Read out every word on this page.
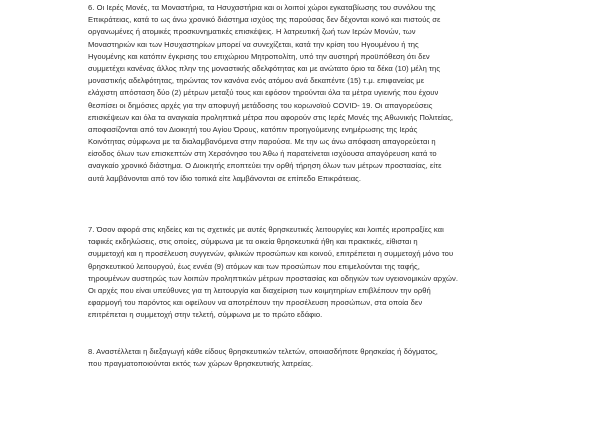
6. Οι Ιερές Μονές, τα Μοναστήρια, τα Ησυχαστήρια και οι λοιποί χώροι εγκαταβίωσης του συνόλου της
Επικράτειας, κατά το ως άνω χρονικό διάστημα ισχύος της παρούσας δεν δέχονται κοινό και πιστούς σε
οργανωμένες ή ατομικές προσκυνηματικές επισκέψεις. Η λατρευτική ζωή των Ιερών Μονών, των
Μοναστηριών και των Ησυχαστηρίων μπορεί να συνεχίζεται, κατά την κρίση του Ηγουμένου ή της
Ηγουμένης και κατόπιν έγκρισης του επιχώριου Μητροπολίτη, υπό την αυστηρή προϋπόθεση ότι δεν
συμμετέχει κανένας άλλος πλην της μοναστικής αδελφότητας και με ανώτατο όριο τα δέκα (10) μέλη της
μοναστικής αδελφότητας, τηρώντας τον κανόνα ενός ατόμου ανά δεκαπέντε (15) τ.μ. επιφανείας με
ελάχιστη απόσταση δύο (2) μέτρων μεταξύ τους και εφόσον τηρούνται όλα τα μέτρα υγιεινής που έχουν
θεσπίσει οι δημόσιες αρχές για την αποφυγή μετάδοσης του κορωνοϊού COVID- 19. Οι απαγορεύσεις
επισκέψεων και όλα τα αναγκαία προληπτικά μέτρα που αφορούν στις Ιερές Μονές της Αθωνικής Πολιτείας,
αποφασίζονται από τον Διοικητή του Αγίου Όρους, κατόπιν προηγούμενης ενημέρωσης της Ιεράς
Κοινότητας σύμφωνα με τα διαλαμβανόμενα στην παρούσα. Με την ως άνω απόφαση απαγορεύεται η
είσοδος όλων των επισκεπτών στη Χερσόνησο του Άθω ή παρατείνεται ισχύουσα απαγόρευση κατά το
αναγκαίο χρονικό διάστημα. Ο Διοικητής εποπτεύει την ορθή τήρηση όλων των μέτρων προστασίας, είτε
αυτά λαμβάνονται από τον ίδιο τοπικά είτε λαμβάνονται σε επίπεδο Επικράτειας.
7. Όσον αφορά στις κηδείες και τις σχετικές με αυτές θρησκευτικές λειτουργίες και λοιπές ιεροπραξίες και
ταφικές εκδηλώσεις, στις οποίες, σύμφωνα με τα οικεία θρησκευτικά ήθη και πρακτικές, είθισται η
συμμετοχή και η προσέλευση συγγενών, φιλικών προσώπων και κοινού, επιτρέπεται η συμμετοχή μόνο του
θρησκευτικού λειτουργού, έως εννέα (9) ατόμων και των προσώπων που επιμελούνται της ταφής,
τηρουμένων αυστηρώς των λοιπών προληπτικών μέτρων προστασίας και οδηγιών των υγειονομικών αρχών.
Οι αρχές που είναι υπεύθυνες για τη λειτουργία και διαχείριση των κοιμητηρίων επιβλέπουν την ορθή
εφαρμογή του παρόντος και οφείλουν να αποτρέπουν την προσέλευση προσώπων, στα οποία δεν
επιτρέπεται η συμμετοχή στην τελετή, σύμφωνα με το πρώτο εδάφιο.
8. Αναστέλλεται η διεξαγωγή κάθε είδους θρησκευτικών τελετών, οποιασδήποτε θρησκείας ή δόγματος,
που πραγματοποιούνται εκτός των χώρων θρησκευτικής λατρείας.
